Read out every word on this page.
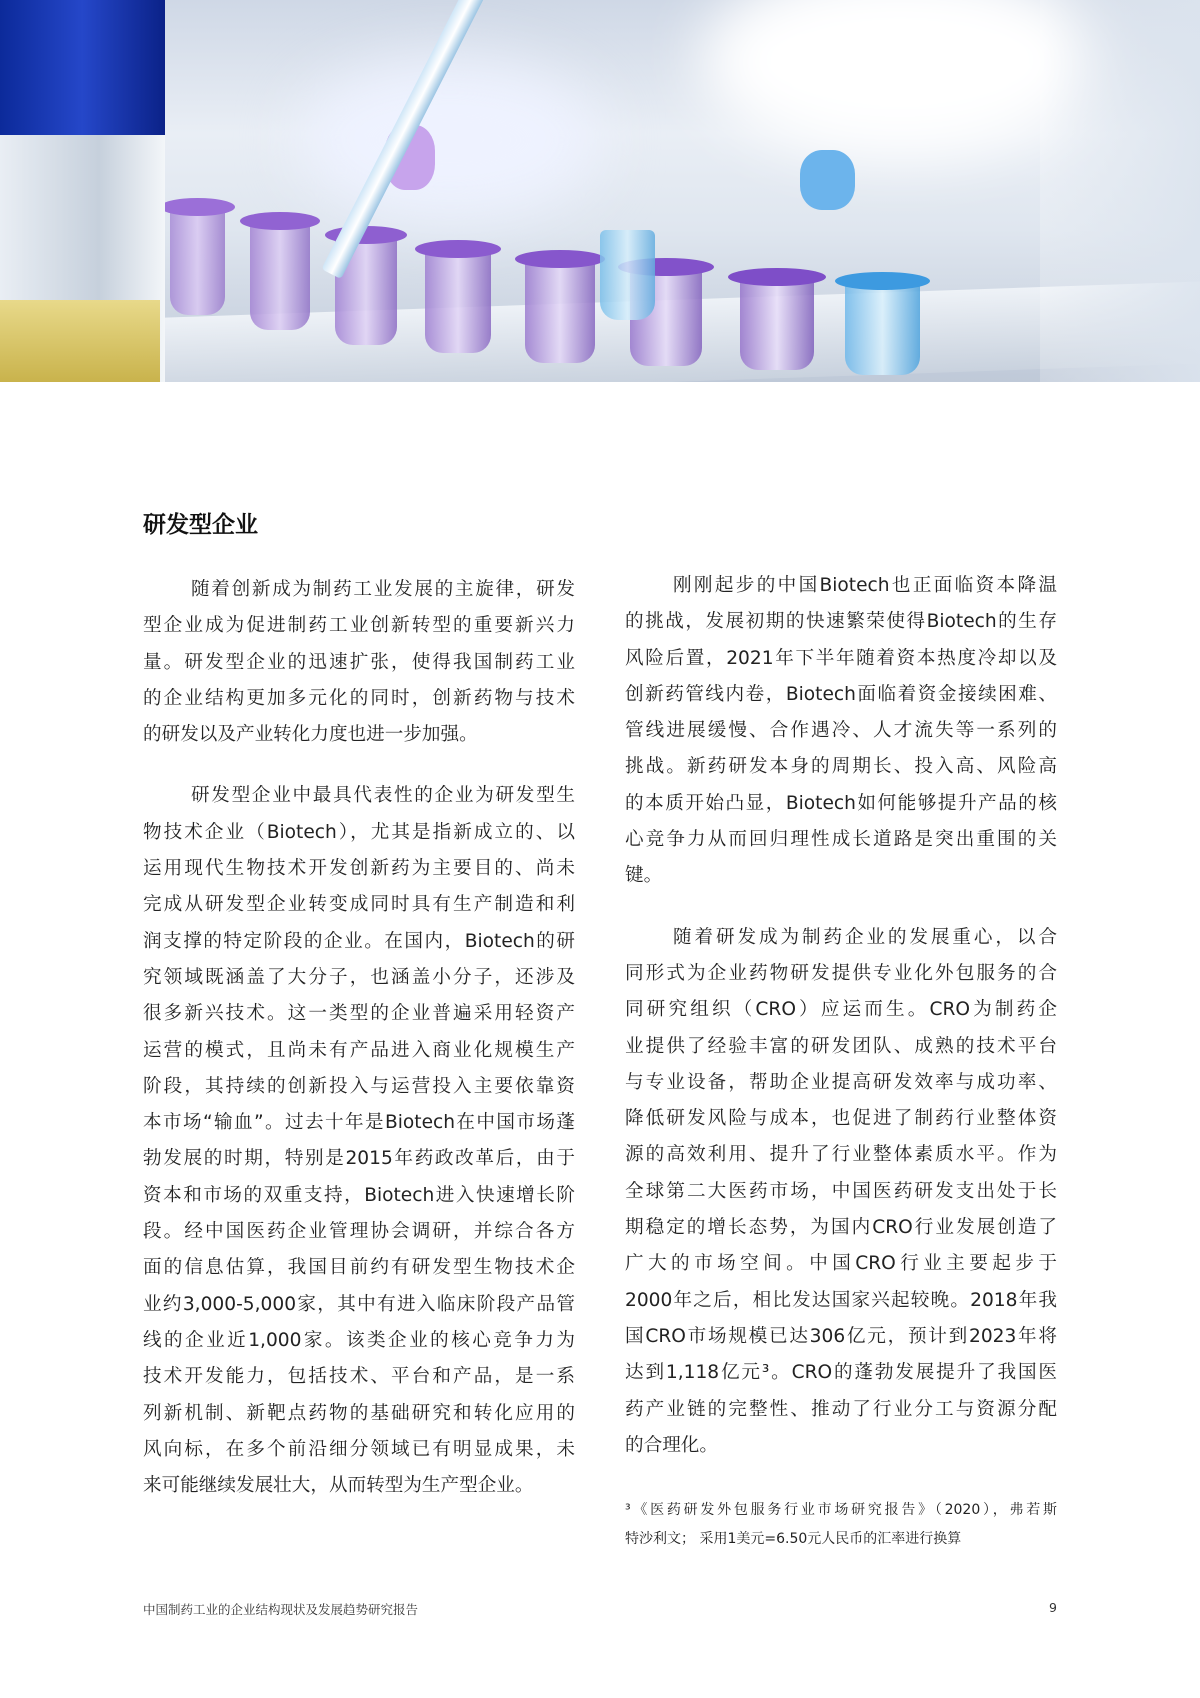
研发型企业
随着创新成为制药工业发展的主旋律，研发
型企业成为促进制药工业创新转型的重要新兴力
量。研发型企业的迅速扩张，使得我国制药工业
的企业结构更加多元化的同时，创新药物与技术
的研发以及产业转化力度也进一步加强。
研发型企业中最具代表性的企业为研发型生
物技术企业（Biotech），尤其是指新成立的、以
运用现代生物技术开发创新药为主要目的、尚未
完成从研发型企业转变成同时具有生产制造和利
润支撑的特定阶段的企业。在国内，Biotech的研
究领域既涵盖了大分子，也涵盖小分子，还涉及
很多新兴技术。这一类型的企业普遍采用轻资产
运营的模式，且尚未有产品进入商业化规模生产
阶段，其持续的创新投入与运营投入主要依靠资
本市场“输血”。过去十年是Biotech在中国市场蓬
勃发展的时期，特别是2015年药政改革后，由于
资本和市场的双重支持，Biotech进入快速增长阶
段。经中国医药企业管理协会调研，并综合各方
面的信息估算，我国目前约有研发型生物技术企
业约3,000-5,000家，其中有进入临床阶段产品管
线的企业近1,000家。该类企业的核心竞争力为
技术开发能力，包括技术、平台和产品，是一系
列新机制、新靶点药物的基础研究和转化应用的
风向标，在多个前沿细分领域已有明显成果，未
来可能继续发展壮大，从而转型为生产型企业。
刚刚起步的中国Biotech也正面临资本降温
的挑战，发展初期的快速繁荣使得Biotech的生存
风险后置，2021年下半年随着资本热度冷却以及
创新药管线内卷，Biotech面临着资金接续困难、
管线进展缓慢、合作遇冷、人才流失等一系列的
挑战。新药研发本身的周期长、投入高、风险高
的本质开始凸显，Biotech如何能够提升产品的核
心竞争力从而回归理性成长道路是突出重围的关
键。
随着研发成为制药企业的发展重心，以合
同形式为企业药物研发提供专业化外包服务的合
同研究组织（CRO）应运而生。CRO为制药企
业提供了经验丰富的研发团队、成熟的技术平台
与专业设备，帮助企业提高研发效率与成功率、
降低研发风险与成本，也促进了制药行业整体资
源的高效利用、提升了行业整体素质水平。作为
全球第二大医药市场，中国医药研发支出处于长
期稳定的增长态势，为国内CRO行业发展创造了
广大的市场空间。中国CRO行业主要起步于
2000年之后，相比发达国家兴起较晚。2018年我
国CRO市场规模已达306亿元，预计到2023年将
达到1,118亿元³。CRO的蓬勃发展提升了我国医
药产业链的完整性、推动了行业分工与资源分配
的合理化。
³《医药研发外包服务行业市场研究报告》（2020），弗若斯
特沙利文； 采用1美元=6.50元人民币的汇率进行换算
中国制药工业的企业结构现状及发展趋势研究报告	9
